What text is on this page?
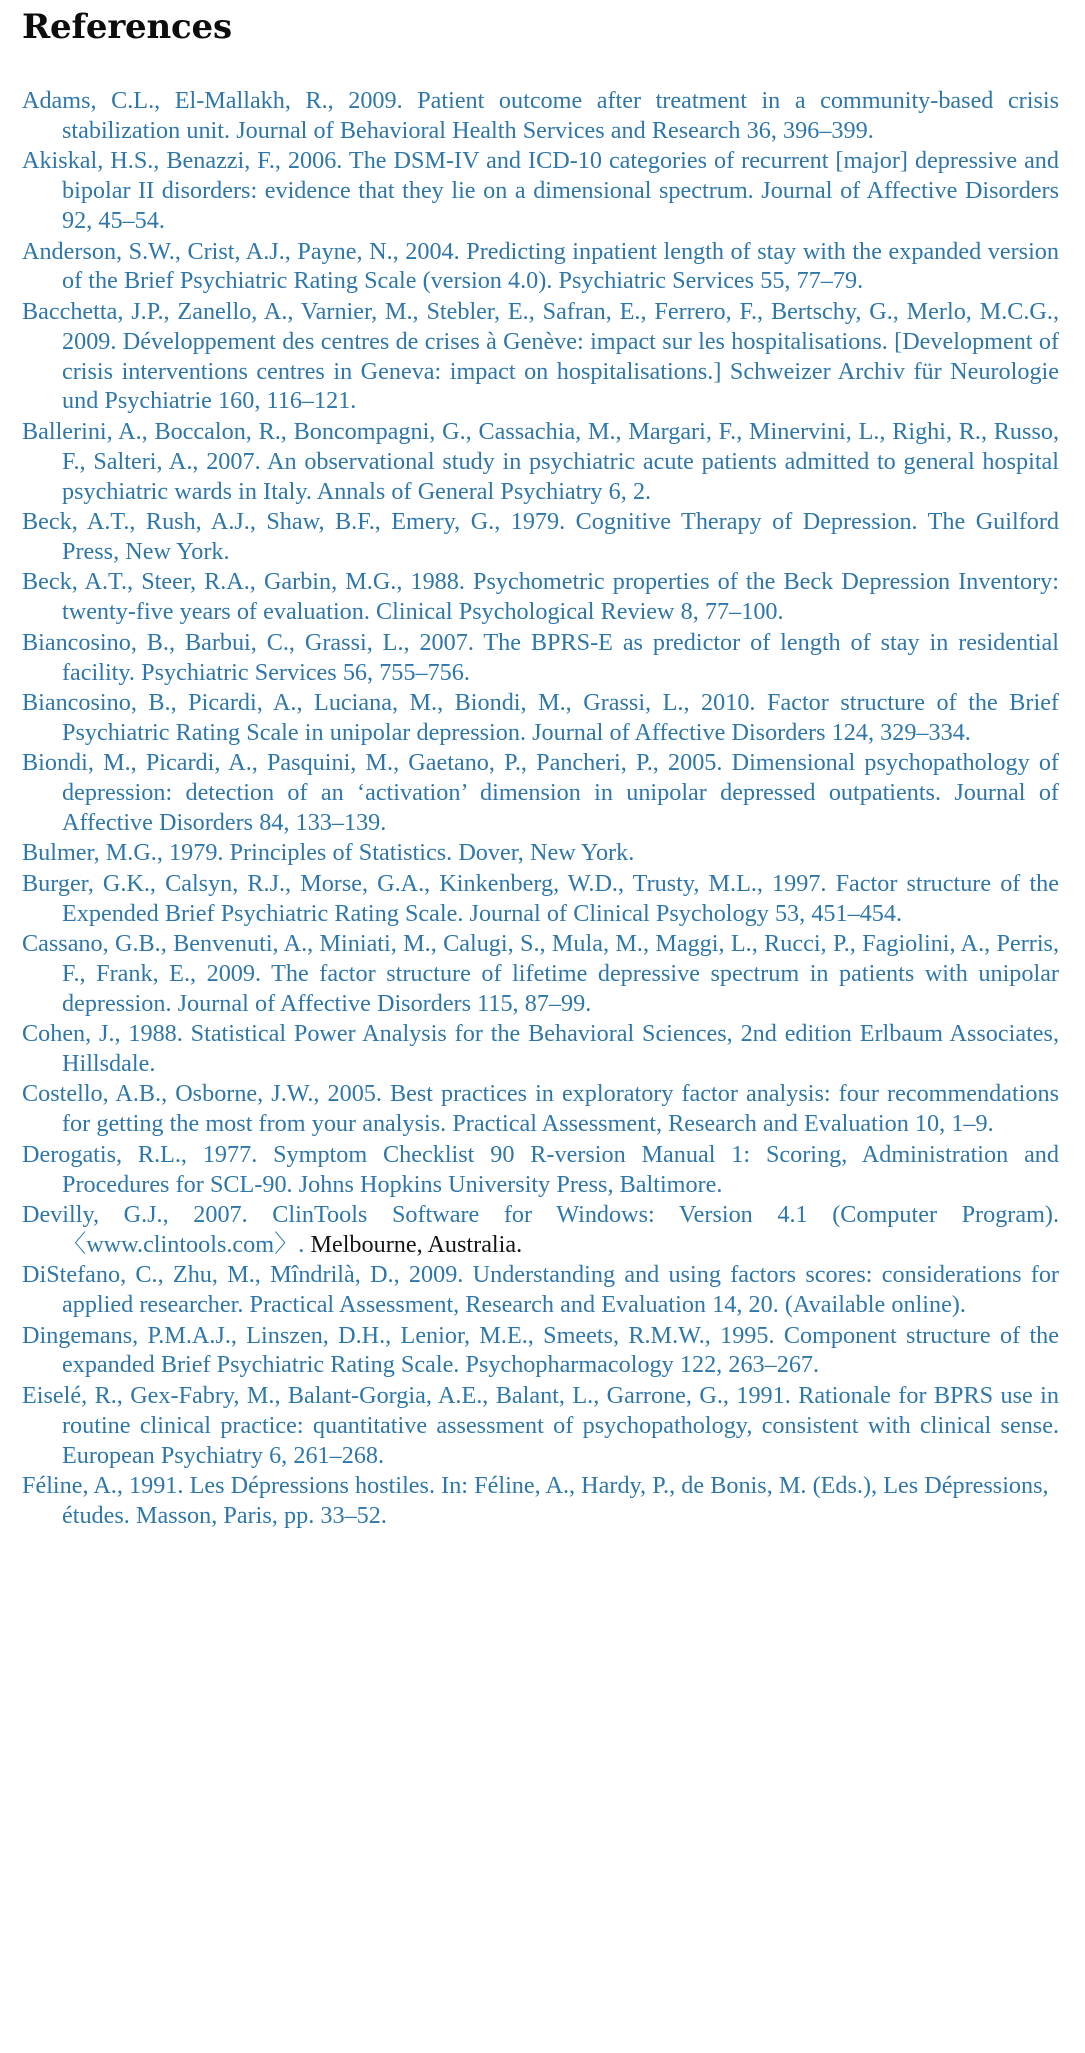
References

Adams, C.L., El-Mallakh, R., 2009. Patient outcome after treatment in a community-based crisis stabilization unit. Journal of Behavioral Health Services and Research 36, 396–399.

Akiskal, H.S., Benazzi, F., 2006. The DSM-IV and ICD-10 categories of recurrent [major] depressive and bipolar II disorders: evidence that they lie on a dimensional spectrum. Journal of Affective Disorders 92, 45–54.

Anderson, S.W., Crist, A.J., Payne, N., 2004. Predicting inpatient length of stay with the expanded version of the Brief Psychiatric Rating Scale (version 4.0). Psychiatric Services 55, 77–79.

Bacchetta, J.P., Zanello, A., Varnier, M., Stebler, E., Safran, E., Ferrero, F., Bertschy, G., Merlo, M.C.G., 2009. Développement des centres de crises à Genève: impact sur les hospitalisations. [Development of crisis interventions centres in Geneva: impact on hospitalisations.] Schweizer Archiv für Neurologie und Psychiatrie 160, 116–121.

Ballerini, A., Boccalon, R., Boncompagni, G., Cassachia, M., Margari, F., Minervini, L., Righi, R., Russo, F., Salteri, A., 2007. An observational study in psychiatric acute patients admitted to general hospital psychiatric wards in Italy. Annals of General Psychiatry 6, 2.

Beck, A.T., Rush, A.J., Shaw, B.F., Emery, G., 1979. Cognitive Therapy of Depression. The Guilford Press, New York.

Beck, A.T., Steer, R.A., Garbin, M.G., 1988. Psychometric properties of the Beck Depression Inventory: twenty-five years of evaluation. Clinical Psychological Review 8, 77–100.

Biancosino, B., Barbui, C., Grassi, L., 2007. The BPRS-E as predictor of length of stay in residential facility. Psychiatric Services 56, 755–756.

Biancosino, B., Picardi, A., Luciana, M., Biondi, M., Grassi, L., 2010. Factor structure of the Brief Psychiatric Rating Scale in unipolar depression. Journal of Affective Disorders 124, 329–334.

Biondi, M., Picardi, A., Pasquini, M., Gaetano, P., Pancheri, P., 2005. Dimensional psychopathology of depression: detection of an ‘activation’ dimension in unipolar depressed outpatients. Journal of Affective Disorders 84, 133–139.

Bulmer, M.G., 1979. Principles of Statistics. Dover, New York.

Burger, G.K., Calsyn, R.J., Morse, G.A., Kinkenberg, W.D., Trusty, M.L., 1997. Factor structure of the Expended Brief Psychiatric Rating Scale. Journal of Clinical Psychology 53, 451–454.

Cassano, G.B., Benvenuti, A., Miniati, M., Calugi, S., Mula, M., Maggi, L., Rucci, P., Fagiolini, A., Perris, F., Frank, E., 2009. The factor structure of lifetime depressive spectrum in patients with unipolar depression. Journal of Affective Disorders 115, 87–99.

Cohen, J., 1988. Statistical Power Analysis for the Behavioral Sciences, 2nd edition Erlbaum Associates, Hillsdale.

Costello, A.B., Osborne, J.W., 2005. Best practices in exploratory factor analysis: four recommendations for getting the most from your analysis. Practical Assessment, Research and Evaluation 10, 1–9.

Derogatis, R.L., 1977. Symptom Checklist 90 R-version Manual 1: Scoring, Administration and Procedures for SCL-90. Johns Hopkins University Press, Baltimore.

Devilly, G.J., 2007. ClinTools Software for Windows: Version 4.1 (Computer Program). 〈www.clintools.com〉. Melbourne, Australia.

DiStefano, C., Zhu, M., Mîndrilà, D., 2009. Understanding and using factors scores: considerations for applied researcher. Practical Assessment, Research and Evaluation 14, 20. (Available online).

Dingemans, P.M.A.J., Linszen, D.H., Lenior, M.E., Smeets, R.M.W., 1995. Component structure of the expanded Brief Psychiatric Rating Scale. Psychopharmacology 122, 263–267.

Eiselé, R., Gex-Fabry, M., Balant-Gorgia, A.E., Balant, L., Garrone, G., 1991. Rationale for BPRS use in routine clinical practice: quantitative assessment of psychopathology, consistent with clinical sense. European Psychiatry 6, 261–268.

Féline, A., 1991. Les Dépressions hostiles. In: Féline, A., Hardy, P., de Bonis, M. (Eds.), Les Dépressions, études. Masson, Paris, pp. 33–52.
